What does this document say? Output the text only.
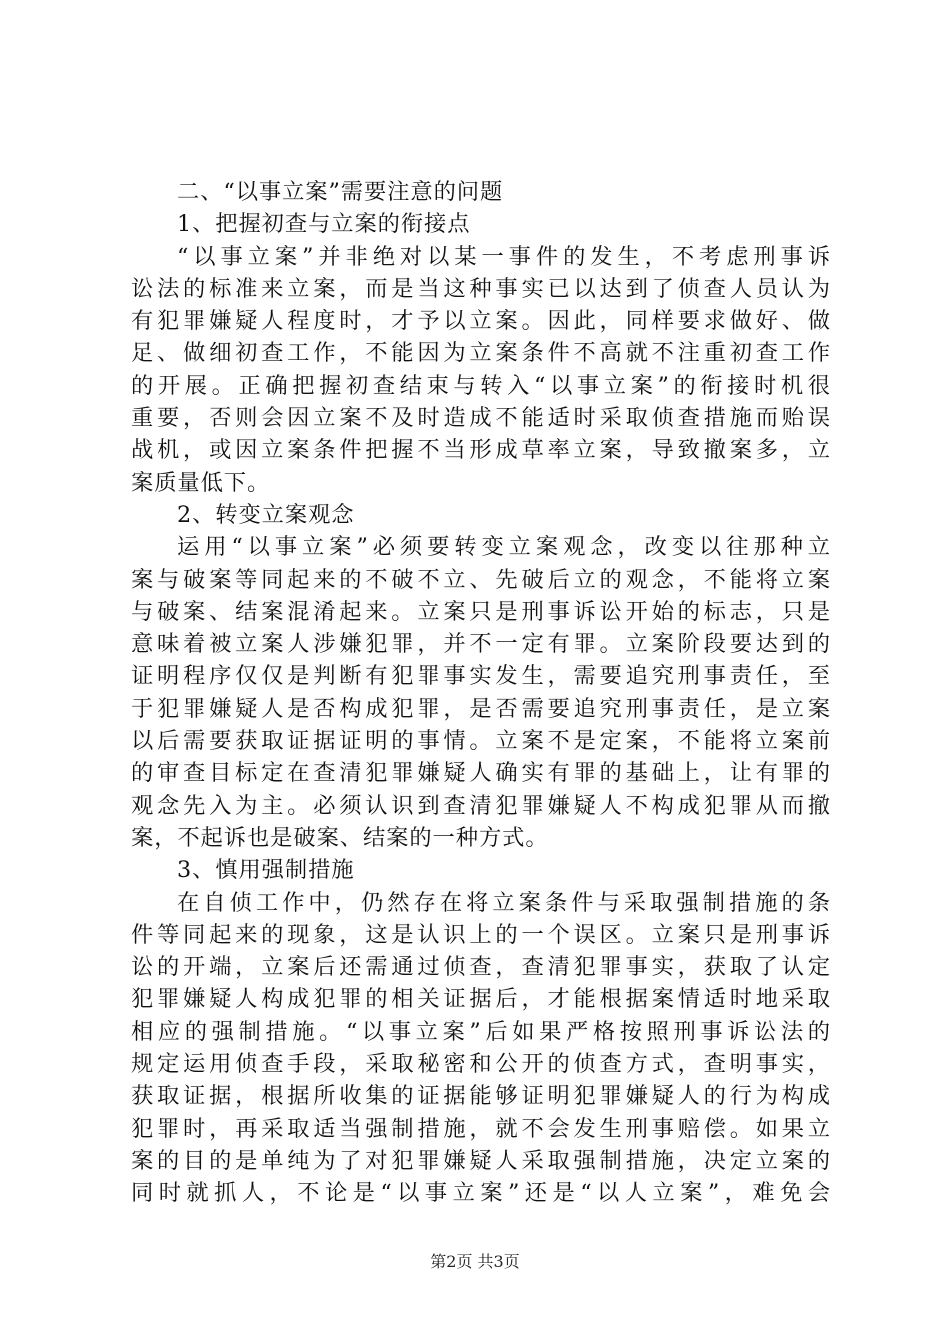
二、“以事立案”需要注意的问题
1、把握初查与立案的衔接点
“以事立案”并非绝对以某一事件的发生，不考虑刑事诉
讼法的标准来立案，而是当这种事实已以达到了侦查人员认为
有犯罪嫌疑人程度时，才予以立案。因此，同样要求做好、做
足、做细初查工作，不能因为立案条件不高就不注重初查工作
的开展。正确把握初查结束与转入“以事立案”的衔接时机很
重要，否则会因立案不及时造成不能适时采取侦查措施而贻误
战机，或因立案条件把握不当形成草率立案，导致撤案多，立
案质量低下。
2、转变立案观念
运用“以事立案”必须要转变立案观念，改变以往那种立
案与破案等同起来的不破不立、先破后立的观念，不能将立案
与破案、结案混淆起来。立案只是刑事诉讼开始的标志，只是
意味着被立案人涉嫌犯罪，并不一定有罪。立案阶段要达到的
证明程序仅仅是判断有犯罪事实发生，需要追究刑事责任，至
于犯罪嫌疑人是否构成犯罪，是否需要追究刑事责任，是立案
以后需要获取证据证明的事情。立案不是定案，不能将立案前
的审查目标定在查清犯罪嫌疑人确实有罪的基础上，让有罪的
观念先入为主。必须认识到查清犯罪嫌疑人不构成犯罪从而撤
案，不起诉也是破案、结案的一种方式。
3、慎用强制措施
在自侦工作中，仍然存在将立案条件与采取强制措施的条
件等同起来的现象，这是认识上的一个误区。立案只是刑事诉
讼的开端，立案后还需通过侦查，查清犯罪事实，获取了认定
犯罪嫌疑人构成犯罪的相关证据后，才能根据案情适时地采取
相应的强制措施。“以事立案”后如果严格按照刑事诉讼法的
规定运用侦查手段，采取秘密和公开的侦查方式，查明事实，
获取证据，根据所收集的证据能够证明犯罪嫌疑人的行为构成
犯罪时，再采取适当强制措施，就不会发生刑事赔偿。如果立
案的目的是单纯为了对犯罪嫌疑人采取强制措施，决定立案的
同时就抓人，不论是“以事立案”还是“以人立案”，难免会
第2页 共3页
